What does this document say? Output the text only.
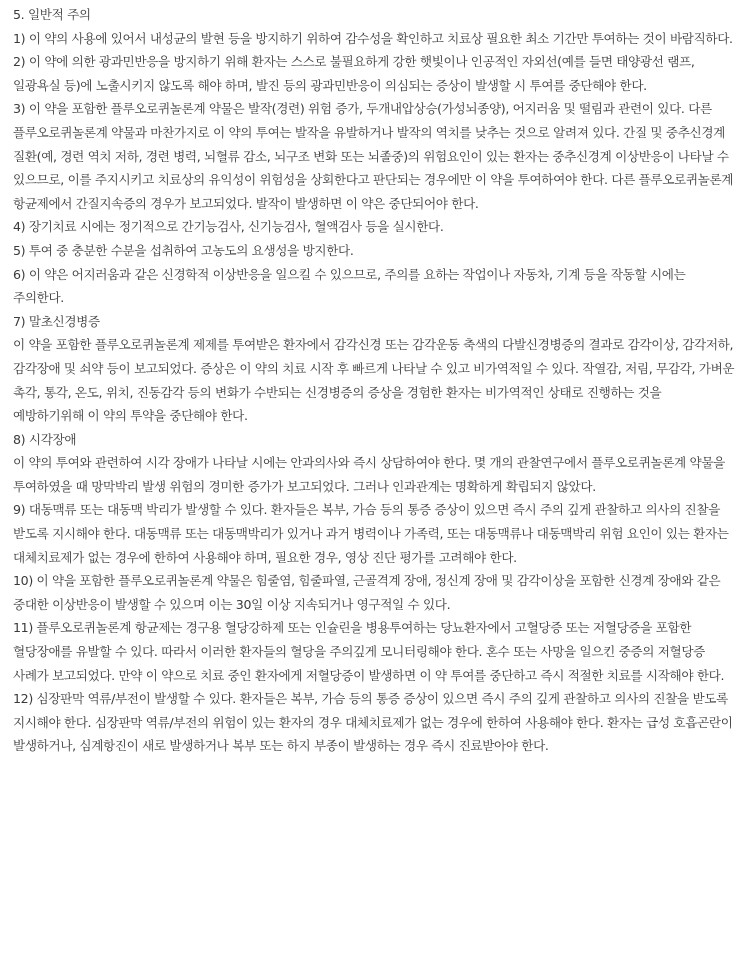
5. 일반적 주의

1) 이 약의 사용에 있어서 내성균의 발현 등을 방지하기 위하여 감수성을 확인하고 치료상 필요한 최소 기간만 투여하는 것이 바람직하다.

2) 이 약에 의한 광과민반응을 방지하기 위해 환자는 스스로 불필요하게 강한 햇빛이나 인공적인 자외선(예를 들면 태양광선 램프, 일광욕실 등)에 노출시키지 않도록 해야 하며, 발진 등의 광과민반응이 의심되는 증상이 발생할 시 투여를 중단해야 한다.

3) 이 약을 포함한 플루오로퀴놀론계 약물은 발작(경련) 위험 증가, 두개내압상승(가성뇌종양), 어지러움 및 떨림과 관련이 있다. 다른 플루오로퀴놀론계 약물과 마찬가지로 이 약의 투여는 발작을 유발하거나 발작의 역치를 낮추는 것으로 알려져 있다. 간질 및 중추신경계 질환(예, 경련 역치 저하, 경련 병력, 뇌혈류 감소, 뇌구조 변화 또는 뇌졸중)의 위험요인이 있는 환자는 중추신경계 이상반응이 나타날 수 있으므로, 이를 주지시키고 치료상의 유익성이 위험성을 상회한다고 판단되는 경우에만 이 약을 투여하여야 한다. 다른 플루오로퀴놀론계 항균제에서 간질지속증의 경우가 보고되었다. 발작이 발생하면 이 약은 중단되어야 한다.

4) 장기치료 시에는 정기적으로 간기능검사, 신기능검사, 혈액검사 등을 실시한다.

5) 투여 중 충분한 수분을 섭취하여 고농도의 요생성을 방지한다.

6) 이 약은 어지러움과 같은 신경학적 이상반응을 일으킬 수 있으므로, 주의를 요하는 작업이나 자동차, 기계 등을 작동할 시에는 주의한다.

7) 말초신경병증

이 약을 포함한 플루오로퀴놀론계 제제를 투여받은 환자에서 감각신경 또는 감각운동 축색의 다발신경병증의 결과로 감각이상, 감각저하, 감각장애 및 쇠약 등이 보고되었다. 증상은 이 약의 치료 시작 후 빠르게 나타날 수 있고 비가역적일 수 있다. 작열감, 저림, 무감각, 가벼운 촉각, 통각, 온도, 위치, 진동감각 등의 변화가 수반되는 신경병증의 증상을 경험한 환자는 비가역적인 상태로 진행하는 것을 예방하기위해 이 약의 투약을 중단해야 한다.

8) 시각장애

이 약의 투여와 관련하여 시각 장애가 나타날 시에는 안과의사와 즉시 상담하여야 한다. 몇 개의 관찰연구에서 플루오로퀴놀론계 약물을 투여하였을 때 망막박리 발생 위험의 경미한 증가가 보고되었다. 그러나 인과관계는 명확하게 확립되지 않았다.

9) 대동맥류 또는 대동맥 박리가 발생할 수 있다. 환자들은 복부, 가슴 등의 통증 증상이 있으면 즉시 주의 깊게 관찰하고 의사의 진찰을 받도록 지시해야 한다. 대동맥류 또는 대동맥박리가 있거나 과거 병력이나 가족력, 또는 대동맥류나 대동맥박리 위험 요인이 있는 환자는 대체치료제가 없는 경우에 한하여 사용해야 하며, 필요한 경우, 영상 진단 평가를 고려해야 한다.

10) 이 약을 포함한 플루오로퀴놀론계 약물은 힘줄염, 힘줄파열, 근골격계 장애, 정신계 장애 및 감각이상을 포함한 신경계 장애와 같은 중대한 이상반응이 발생할 수 있으며 이는 30일 이상 지속되거나 영구적일 수 있다.

11) 플루오로퀴놀론계 항균제는 경구용 혈당강하제 또는 인슐린을 병용투여하는 당뇨환자에서 고혈당증 또는 저혈당증을 포함한 혈당장애를 유발할 수 있다. 따라서 이러한 환자들의 혈당을 주의깊게 모니터링해야 한다. 혼수 또는 사망을 일으킨 중증의 저혈당증 사례가 보고되었다. 만약 이 약으로 치료 중인 환자에게 저혈당증이 발생하면 이 약 투여를 중단하고 즉시 적절한 치료를 시작해야 한다.

12) 심장판막 역류/부전이 발생할 수 있다. 환자들은 복부, 가슴 등의 통증 증상이 있으면 즉시 주의 깊게 관찰하고 의사의 진찰을 받도록 지시해야 한다. 심장판막 역류/부전의 위험이 있는 환자의 경우 대체치료제가 없는 경우에 한하여 사용해야 한다. 환자는 급성 호흡곤란이 발생하거나, 심계항진이 새로 발생하거나 복부 또는 하지 부종이 발생하는 경우 즉시 진료받아야 한다.
